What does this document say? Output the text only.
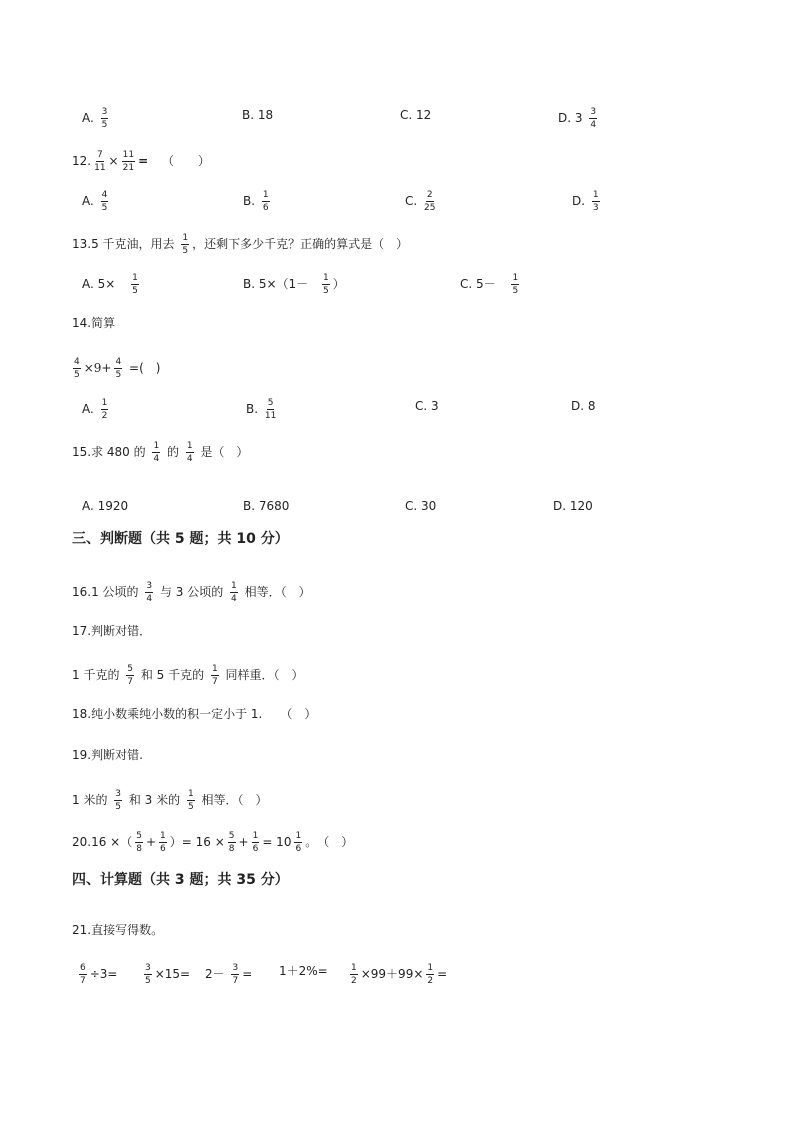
A. $\frac{3}{5}$	B. 18	C. 12	D. $3 \frac{3}{4}$
12. $\frac{7}{11} \times \frac{11}{21}$ = （　　）
A. $\frac{4}{5}$	B. $\frac{1}{6}$	C. $\frac{2}{25}$	D. $\frac{1}{3}$
13.5 千克油，用去 $\frac{1}{5}$ ，还剩下多少千克？正确的算式是（　）
A. $5\times \frac{1}{5}$	B. $5\times(1- \frac{1}{5}$ ）	C. $5- \frac{1}{5}$
14.简算
$\frac{4}{5} \times 9+ \frac{4}{5}$ =(　)
A. $\frac{1}{2}$	B. $\frac{5}{11}$	C. 3	D. 8
15.求 480 的 $\frac{1}{4}$ 的 $\frac{1}{4}$ 是（　）
A. 1920	B. 7680	C. 30	D. 120
三、判断题（共 5 题；共 10 分）
16.1 公顷的 $\frac{3}{4}$ 与 3 公顷的 $\frac{1}{4}$ 相等．（　）
17.判断对错．
1 千克的 $\frac{5}{7}$ 和 5 千克的 $\frac{1}{7}$ 同样重．（　）
18.纯小数乘纯小数的积一定小于 1.　　（　）
19.判断对错.
1 米的 $\frac{3}{5}$ 和 3 米的 $\frac{1}{5}$ 相等．（　）
20.16 ×（ $\frac{5}{8} + \frac{1}{6}$ ）= $16 \times \frac{5}{8} + \frac{1}{6} = 10 \frac{1}{6}$ 。　（　）
四、计算题（共 3 题；共 35 分）
21.直接写得数。
$\frac{6}{7} \div 3=$	$\frac{3}{5} \times 15= 2- \frac{3}{7} = 1+2\%= \frac{1}{2} \times 99+99\times \frac{1}{2}$ =
